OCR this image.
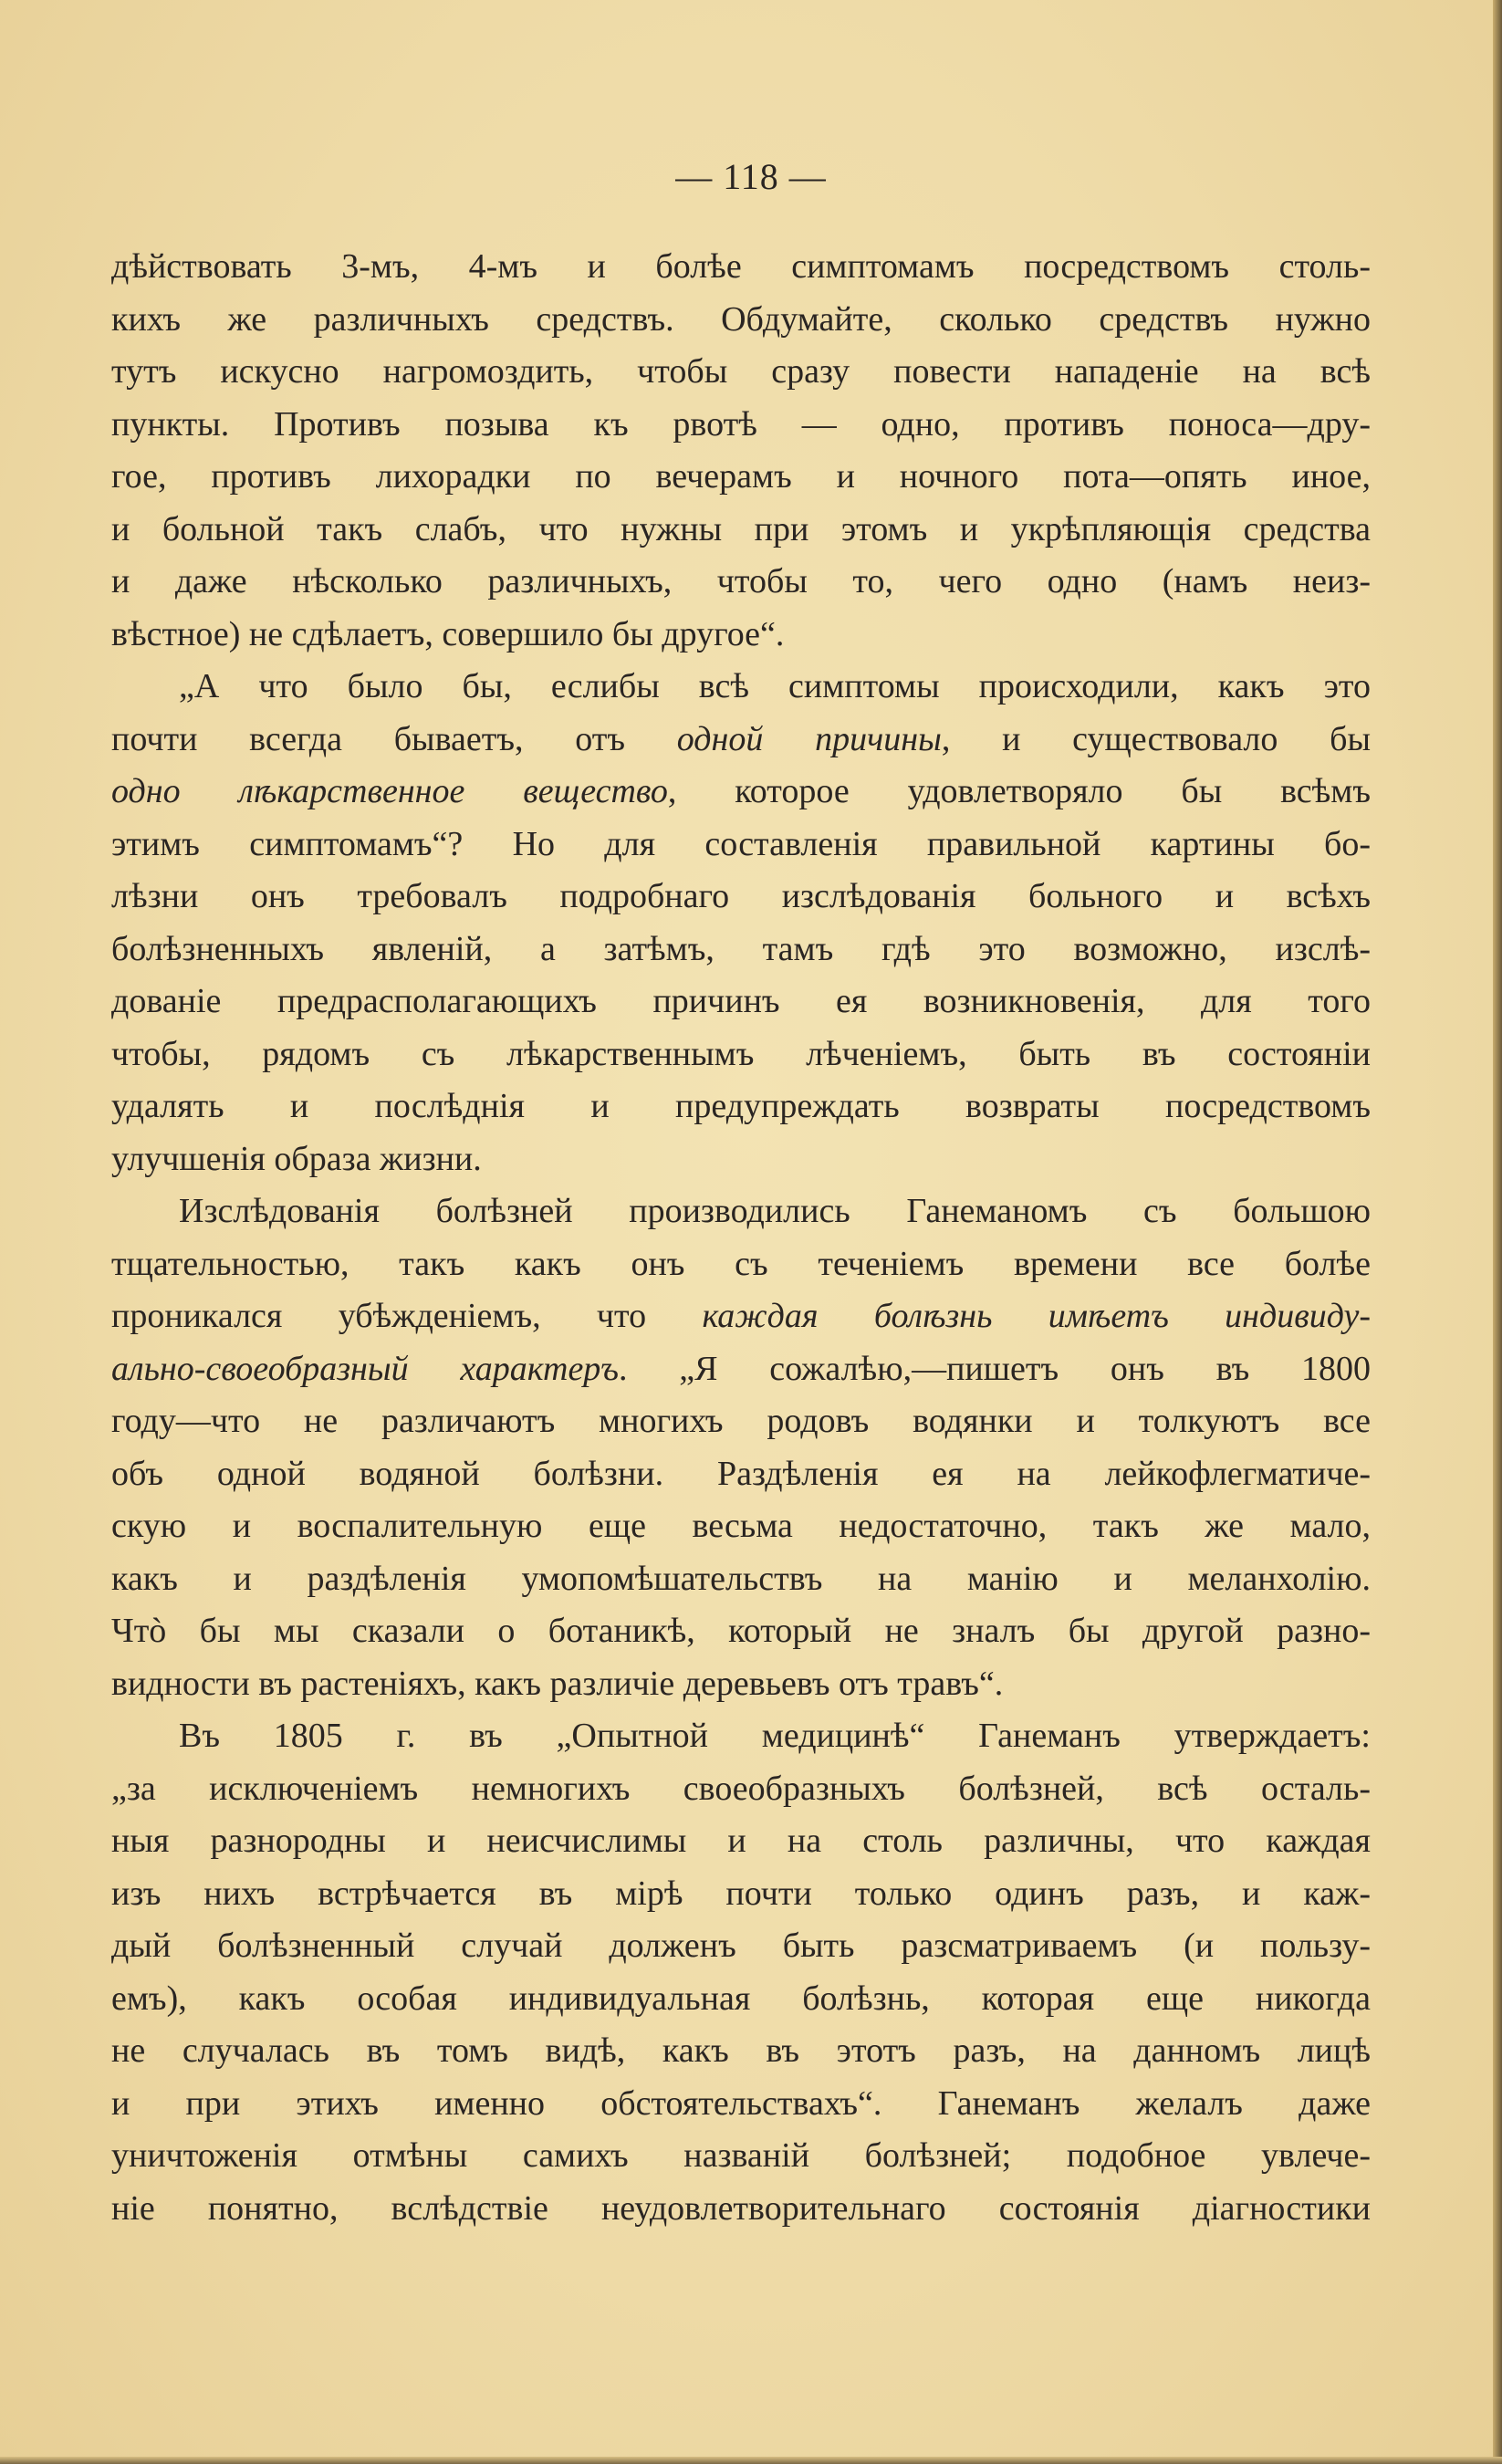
— 118 —
дѣйствовать 3-мъ, 4-мъ и болѣе симптомамъ посредствомъ столь-
кихъ же различныхъ средствъ. Обдумайте, сколько средствъ нужно
тутъ искусно нагромоздить, чтобы сразу повести нападенiе на всѣ
пункты. Противъ позыва къ рвотѣ — одно, противъ поноса—дру-
гое, противъ лихорадки по вечерамъ и ночного пота—опять иное,
и больной такъ слабъ, что нужны при этомъ и укрѣпляющiя средства
и даже нѣсколько различныхъ, чтобы то, чего одно (намъ неиз-
вѣстное) не сдѣлаетъ, совершило бы другое“.
„А что было бы, еслибы всѣ симптомы происходили, какъ это
почти всегда бываетъ, отъ одной причины, и существовало бы
одно лѣкарственное вещество, которое удовлетворяло бы всѣмъ
этимъ симптомамъ“? Но для составленiя правильной картины бо-
лѣзни онъ требовалъ подробнаго изслѣдованiя больного и всѣхъ
болѣзненныхъ явленiй, а затѣмъ, тамъ гдѣ это возможно, изслѣ-
дованiе предрасполагающихъ причинъ ея возникновенiя, для того
чтобы, рядомъ съ лѣкарственнымъ лѣченiемъ, быть въ состоянiи
удалять и послѣднiя и предупреждать возвраты посредствомъ
улучшенiя образа жизни.
Изслѣдованiя болѣзней производились Ганеманомъ съ большою
тщательностью, такъ какъ онъ съ теченiемъ времени все болѣе
проникался убѣжденiемъ, что каждая болѣзнь имѣетъ индивиду-
ально-своеобразный характеръ. „Я сожалѣю,—пишетъ онъ въ 1800
году—что не различаютъ многихъ родовъ водянки и толкуютъ все
объ одной водяной болѣзни. Раздѣленiя ея на лейкофлегматиче-
скую и воспалительную еще весьма недостаточно, такъ же мало,
какъ и раздѣленiя умопомѣшательствъ на манiю и меланхолiю.
Чтò бы мы сказали о ботаникѣ, который не зналъ бы другой разно-
видности въ растенiяхъ, какъ различiе деревьевъ отъ травъ“.
Въ 1805 г. въ „Опытной медицинѣ“ Ганеманъ утверждаетъ:
„за исключенiемъ немногихъ своеобразныхъ болѣзней, всѣ осталь-
ныя разнородны и неисчислимы и на столь различны, что каждая
изъ нихъ встрѣчается въ мiрѣ почти только одинъ разъ, и каж-
дый болѣзненный случай долженъ быть разсматриваемъ (и пользу-
емъ), какъ особая индивидуальная болѣзнь, которая еще никогда
не случалась въ томъ видѣ, какъ въ этотъ разъ, на данномъ лицѣ
и при этихъ именно обстоятельствахъ“. Ганеманъ желалъ даже
уничтоженiя отмѣны самихъ названiй болѣзней; подобное увлече-
нiе понятно, вслѣдствiе неудовлетворительнаго состоянiя дiагностики
